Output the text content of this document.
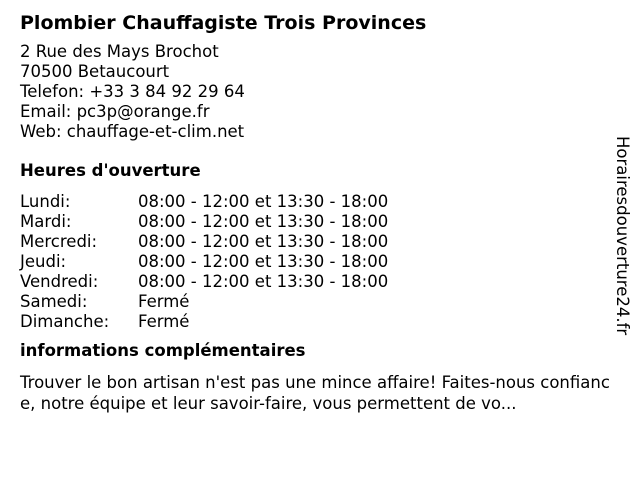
Plombier Chauffagiste Trois Provinces
2 Rue des Mays Brochot
70500 Betaucourt
Telefon: +33 3 84 92 29 64
Email: pc3p@orange.fr
Web: chauffage-et-clim.net
Heures d'ouverture
Lundi:	08:00 - 12:00 et 13:30 - 18:00
Mardi:	08:00 - 12:00 et 13:30 - 18:00
Mercredi:	08:00 - 12:00 et 13:30 - 18:00
Jeudi:	08:00 - 12:00 et 13:30 - 18:00
Vendredi:	08:00 - 12:00 et 13:30 - 18:00
Samedi:	Fermé
Dimanche:	Fermé
informations complémentaires
Trouver le bon artisan n'est pas une mince affaire! Faites-nous confiance, notre équipe et leur savoir-faire, vous permettent de vo...
Horairesdouverture24.fr
